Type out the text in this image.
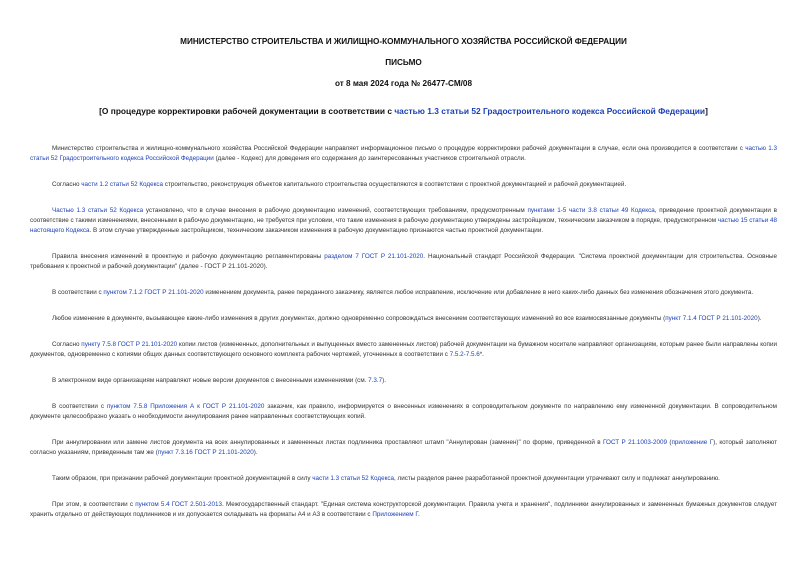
МИНИСТЕРСТВО СТРОИТЕЛЬСТВА И ЖИЛИЩНО-КОММУНАЛЬНОГО ХОЗЯЙСТВА РОССИЙСКОЙ ФЕДЕРАЦИИ
ПИСЬМО
от 8 мая 2024 года № 26477-СМ/08
[О процедуре корректировки рабочей документации в соответствии с частью 1.3 статьи 52 Градостроительного кодекса Российской Федерации]

Министерство строительства и жилищно-коммунального хозяйства Российской Федерации направляет информационное письмо о процедуре корректировки рабочей документации в случае, если она производится в соответствии с частью 1.3 статьи 52 Градостроительного кодекса Российской Федерации (далее - Кодекс) для доведения его содержания до заинтересованных участников строительной отрасли.

Согласно части 1.2 статьи 52 Кодекса строительство, реконструкция объектов капитального строительства осуществляются в соответствии с проектной документацией и рабочей документацией.

Частью 1.3 статьи 52 Кодекса установлено, что в случае внесения в рабочую документацию изменений, соответствующих требованиям, предусмотренным пунктами 1-5 части 3.8 статьи 49 Кодекса, приведение проектной документации в соответствие с такими изменениями, внесенными в рабочую документацию, не требуется при условии, что такие изменения в рабочую документацию утверждены застройщиком, техническим заказчиком в порядке, предусмотренном частью 15 статьи 48 настоящего Кодекса. В этом случае утвержденные застройщиком, техническим заказчиком изменения в рабочую документацию признаются частью проектной документации.

Правила внесения изменений в проектную и рабочую документацию регламентированы разделом 7 ГОСТ Р 21.101-2020. Национальный стандарт Российской Федерации. "Система проектной документации для строительства. Основные требования к проектной и рабочей документации" (далее - ГОСТ Р 21.101-2020).

В соответствии с пунктом 7.1.2 ГОСТ Р 21.101-2020 изменением документа, ранее переданного заказчику, является любое исправление, исключение или добавление в него каких-либо данных без изменения обозначения этого документа.

Любое изменение в документе, вызывающее какие-либо изменения в других документах, должно одновременно сопровождаться внесением соответствующих изменений во все взаимосвязанные документы (пункт 7.1.4 ГОСТ Р 21.101-2020).

Согласно пункту 7.5.8 ГОСТ Р 21.101-2020 копии листов (измененных, дополнительных и выпущенных вместо замененных листов) рабочей документации на бумажном носителе направляют организациям, которым ранее были направлены копии документов, одновременно с копиями общих данных соответствующего основного комплекта рабочих чертежей, уточненных в соответствии с 7.5.2-7.5.6*.

В электронном виде организациям направляют новые версии документов с внесенными изменениями (см. 7.3.7).

В соответствии с пунктом 7.5.8 Приложения А к ГОСТ Р 21.101-2020 заказчик, как правило, информируется о внесенных изменениях в сопроводительном документе по направлению ему измененной документации. В сопроводительном документе целесообразно указать о необходимости аннулирования ранее направленных соответствующих копий.

При аннулировании или замене листов документа на всех аннулированных и замененных листах подлинника проставляют штамп "Аннулирован (заменен)" по форме, приведенной в ГОСТ Р 21.1003-2009 (приложение Г), который заполняют согласно указаниям, приведенным там же (пункт 7.3.16 ГОСТ Р 21.101-2020).

Таким образом, при признании рабочей документации проектной документацией в силу части 1.3 статьи 52 Кодекса, листы разделов ранее разработанной проектной документации утрачивают силу и подлежат аннулированию.

При этом, в соответствии с пунктом 5.4 ГОСТ 2.501-2013. Межгосударственный стандарт. "Единая система конструкторской документации. Правила учета и хранения", подлинники аннулированных и замененных бумажных документов следует хранить отдельно от действующих подлинников и их допускается складывать на форматы А4 и А3 в соответствии с Приложением Г.
